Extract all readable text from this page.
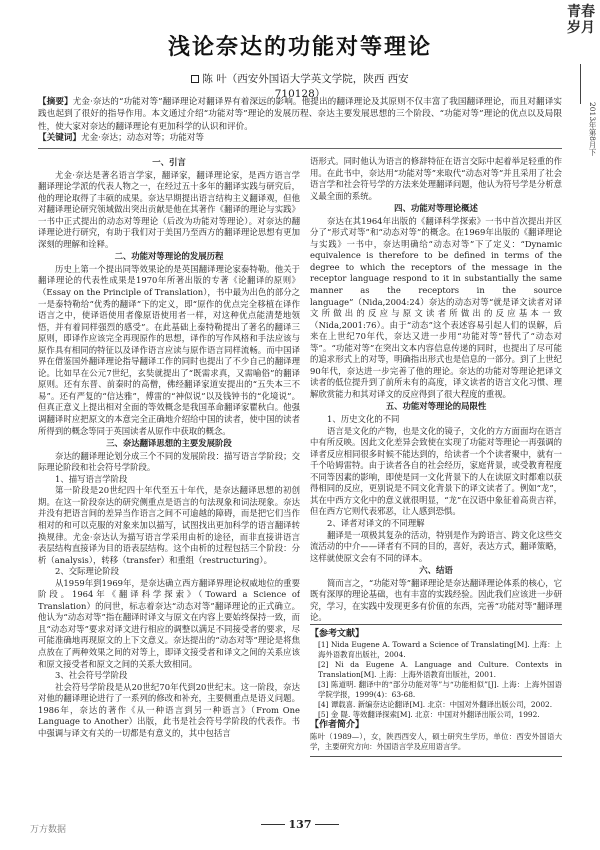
青春
岁月
2013年第8月下
浅论奈达的功能对等理论
陈 叶（西安外国语大学英文学院，陕西 西安 710128）
【摘要】尤金·奈达的“功能对等”翻译理论对翻译界有着深远的影响。他提出的翻译理论及其原则不仅丰富了我国翻译理论，而且对翻译实践也起到了很好的指导作用。本文通过介绍“功能对等”理论的发展历程、奈达主要发展思想的三个阶段、“功能对等”理论的优点以及局限性，使大家对奈达的翻译理论有更加科学的认识和评价。
【关键词】尤金·奈达；动态对等；功能对等

一、引言

尤金·奈达是著名语言学家，翻译家，翻译理论家，是西方语言学翻译理论学派的代表人物之一，在经过五十多年的翻译实践与研究后，他的理论取得了丰硕的成果。奈达早期提出语言结构主义翻译观，但他对翻译理论研究领域做出突出贡献是他在其著作《翻译的理论与实践》一书中正式提出的动态对等理论（后改为功能对等理论）。对奈达的翻译理论进行研究，有助于我们对于美国乃至西方的翻译理论思想有更加深刻的理解和诠释。

二、功能对等理论的发展历程

历史上第一个提出同等效果论的是英国翻译理论家泰特勒。他关于翻译理论的代表性成果是1970年所著出版的专著《论翻译的原则》（Essay on the Principle of Translation），书中最为出色的部分之一是泰特勒给“优秀的翻译”下的定义，即“原作的优点完全移植在译作语言之中，使译语使用者像原语使用者一样，对这种优点能清楚地领悟，并有着同样强烈的感受”。在此基础上泰特勒提出了著名的翻译三原则，即译作应该完全再现原作的思想，译作的写作风格和手法应该与原作具有相同的特征以及译作语言应读与原作语言同样流畅。而中国译界在借鉴国外翻译理论指导翻译工作的同时也提出了不少自己的翻译理论。比如早在公元7世纪，玄奘就提出了“既需求真，又需喻俗”的翻译原则。还有东晋、前秦时的高僧，佛经翻译家道安提出的“五失本三不易”。还有严复的“信达雅”，傅雷的“神似说”以及钱钟书的“化境说”。但真正意义上提出相对全面的等效概念是我国革命翻译家瞿秋白。他强调翻译时应把原文的本意完全正确地介绍给中国的读者，使中国的读者所得到的概念等同于英国读者从原作中获取的概念。

三、奈达翻译思想的主要发展阶段

奈达的翻译理论划分成三个不同的发展阶段：描写语言学阶段；交际理论阶段和社会符号学阶段。

1、描写语言学阶段

第一阶段是20世纪四十年代至五十年代，是奈达翻译思想的初创期。在这一阶段奈达的研究侧重点是语言的句法现象和词法现象。奈达并没有把语言间的差异当作语言之间不可逾越的障碍，而是把它们当作相对的和可以克服的对象来加以描写，试图找出更加科学的语言翻译转换规律。尤金·奈达认为描写语言学采用由析的途径，而非直接讲语言表层结构直接译为目的语表层结构。这个由析的过程包括三个阶段：分析（analysis），转移（transfer）和重组（restructuring）。

2、交际理论阶段

从1959年到1969年，是奈达确立西方翻译界理论权威地位的重要阶段。1964年《翻译科学探索》（Toward a Science of Translation）的问世，标志着奈达“动态对等”翻译理论的正式确立。他认为“动态对等”指在翻译时译文与原文在内容上要始终保持一致，而且“动态对等”要求对译文进行相应的调整以满足不同接受者的要求，尽可能准确地再现原文的上下文意义。奈达提出的“动态对等”理论是将焦点放在了两种效果之间的对等上，即译文接受者和译文之间的关系应该和原文接受者和原文之间的关系大致相同。

3、社会符号学阶段

社会符号学阶段是从20世纪70年代到20世纪末。这一阶段，奈达对他的翻译理论进行了一系列的修改和补充，主要侧重点是语义问题。1986年，奈达的著作《从一种语言到另一种语言》（From One Language to Another）出版，此书是社会符号学阶段的代表作。书中强调与译文有关的一切都是有意义的，其中包括言

语形式。同时他认为语言的修辞特征在语言交际中起着举足轻重的作用。在此书中，奈达用“功能对等”来取代“动态对等”并且采用了社会语言学和社会符号学的方法来处理翻译问题，他认为符号学是分析意义最全面的系统。

四、功能对等理论概述

奈达在其1964年出版的《翻译科学探索》一书中首次提出并区分了“形式对等”和“动态对等”的概念。在1969年出版的《翻译理论与实践》一书中，奈达明确给“动态对等”下了定义：“Dynamic equivalence is therefore to be defined in terms of the degree to which the receptors of the message in the receptor language respond to it in substantially the same manner as the receptors in the source language”（Nida,2004:24）奈达的动态对等“就是译文读者对译文所做出的反应与原文读者所做出的反应基本一致（Nida,2001:76）。由于“动态”这个表述容易引起人们的误解，后来在上世纪70年代，奈达又进一步用“功能对等”替代了“动态对等”。“功能对等”在突出文本内容信息传递的同时，也提出了尽可能的追求形式上的对等，明确指出形式也是信息的一部分。到了上世纪90年代，奈达进一步完善了他的理论。奈达的功能对等理论把译文读者的低位提升到了前所未有的高度，译文读者的语言文化习惯、理解欣赏能力和其对译文的反应得到了很大程度的重视。

五、功能对等理论的局限性

1、历史文化的不同

语言是文化的产物，也是文化的镜子，文化的方方面面均在语言中有所反映。因此文化差异会致使在实现了功能对等理论一再强调的译者反应相同很多时候不能达到的，给读者一个个读者聚中，就有一千个哈姆雷特。由于读者各自的社会经历，家庭背景，或受教育程度不同等因素的影响，即使是同一文化背景下的人在读原文时都难以获得相同的反应，更别说是不同文化背景下的译文读者了。例如“龙”，其在中西方文化中的意义就很明显，“龙”在汉语中象征着高贵吉祥，但在西方它则代表邪恶，让人感到恐惧。

2、译者对译文的不同理解

翻译是一项极其复杂的活动，特别是作为跨语言、跨文化这些交流活动的中介——译者有不同的目的，喜好，表达方式，翻译策略，这样就使原文会有不同的译本。

六、结语

简而言之，“功能对等”翻译理论是奈达翻译理论体系的核心，它既有深厚的理论基础，也有丰富的实践经验。因此我们应该进一步研究，学习，在实践中发现更多有价值的东西，完善“功能对等”翻译理论。

【参考文献】

[1] Nida Eugene A. Toward a Science of Translating[M]. 上海：上海外语教育出版社，2004.

[2] Ni da Eugene A. Language and Culture. Contexts in Translation[M]. 上海：上海外语教育出版社，2001.

[3] 陈道明. 翻译中的“部分功能对等”与“功能相似”[J]. 上海：上海外国语学院学报，1999(4)：63-68.

[4] 谭载喜. 新编奈达论翻译[M]. 北京：中国对外翻译出版公司，2002.

[5] 金 隄. 等效翻译探索[M]. 北京：中国对外翻译出版公司，1992.

【作者简介】

陈叶（1989—），女，陕西西安人，硕士研究生学历，单位：西安外国语大学，主要研究方向：外国语言学及应用语言学。

万方数据	137
